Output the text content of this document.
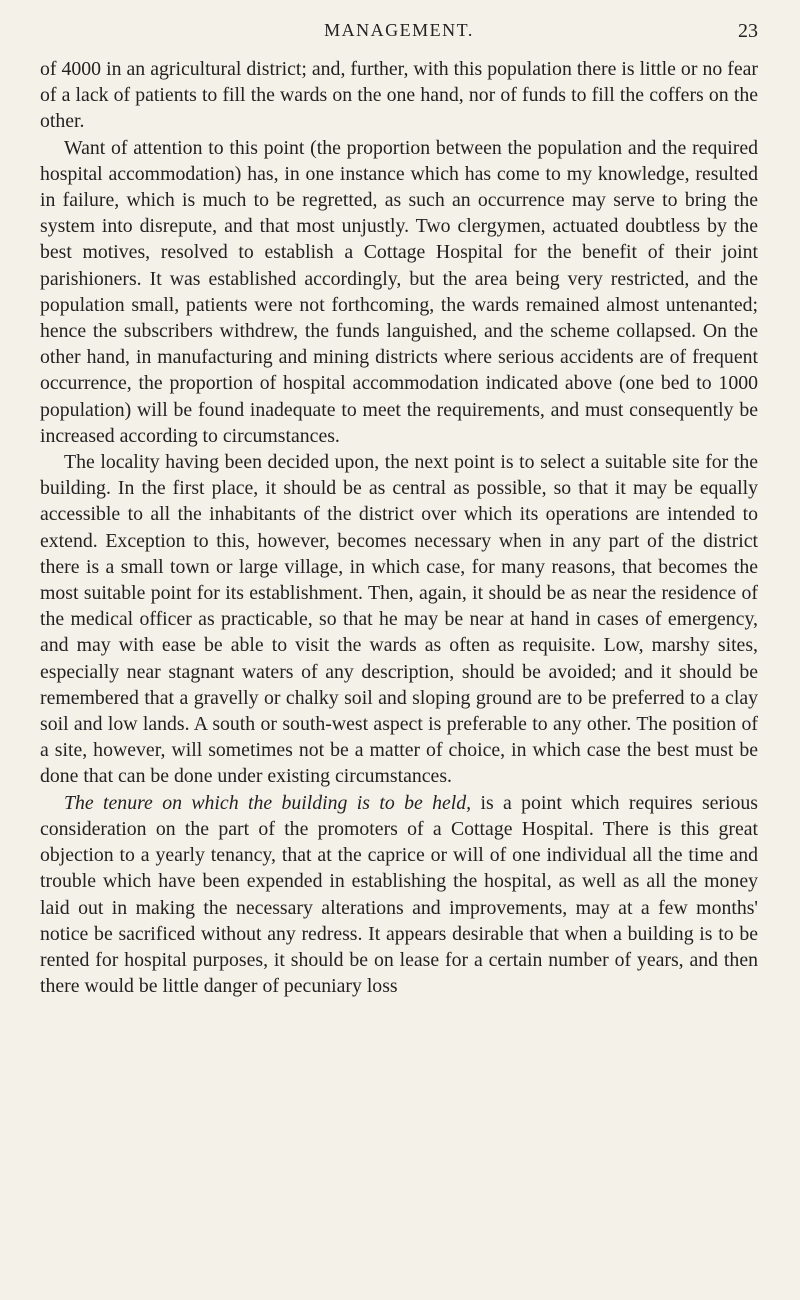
MANAGEMENT.	23

of 4000 in an agricultural district; and, further, with this population there is little or no fear of a lack of patients to fill the wards on the one hand, nor of funds to fill the coffers on the other.

Want of attention to this point (the proportion between the population and the required hospital accommodation) has, in one instance which has come to my knowledge, resulted in failure, which is much to be regretted, as such an occurrence may serve to bring the system into disrepute, and that most unjustly. Two clergymen, actuated doubtless by the best motives, resolved to establish a Cottage Hospital for the benefit of their joint parishioners. It was established accordingly, but the area being very restricted, and the population small, patients were not forthcoming, the wards remained almost untenanted; hence the subscribers withdrew, the funds languished, and the scheme collapsed. On the other hand, in manufacturing and mining districts where serious accidents are of frequent occurrence, the proportion of hospital accommodation indicated above (one bed to 1000 population) will be found inadequate to meet the requirements, and must consequently be increased according to circumstances.

The locality having been decided upon, the next point is to select a suitable site for the building. In the first place, it should be as central as possible, so that it may be equally accessible to all the inhabitants of the district over which its operations are intended to extend. Exception to this, however, becomes necessary when in any part of the district there is a small town or large village, in which case, for many reasons, that becomes the most suitable point for its establishment. Then, again, it should be as near the residence of the medical officer as practicable, so that he may be near at hand in cases of emergency, and may with ease be able to visit the wards as often as requisite. Low, marshy sites, especially near stagnant waters of any description, should be avoided; and it should be remembered that a gravelly or chalky soil and sloping ground are to be preferred to a clay soil and low lands. A south or south-west aspect is preferable to any other. The position of a site, however, will sometimes not be a matter of choice, in which case the best must be done that can be done under existing circumstances.

The tenure on which the building is to be held, is a point which requires serious consideration on the part of the promoters of a Cottage Hospital. There is this great objection to a yearly tenancy, that at the caprice or will of one individual all the time and trouble which have been expended in establishing the hospital, as well as all the money laid out in making the necessary alterations and improvements, may at a few months' notice be sacrificed without any redress. It appears desirable that when a building is to be rented for hospital purposes, it should be on lease for a certain number of years, and then there would be little danger of pecuniary loss
